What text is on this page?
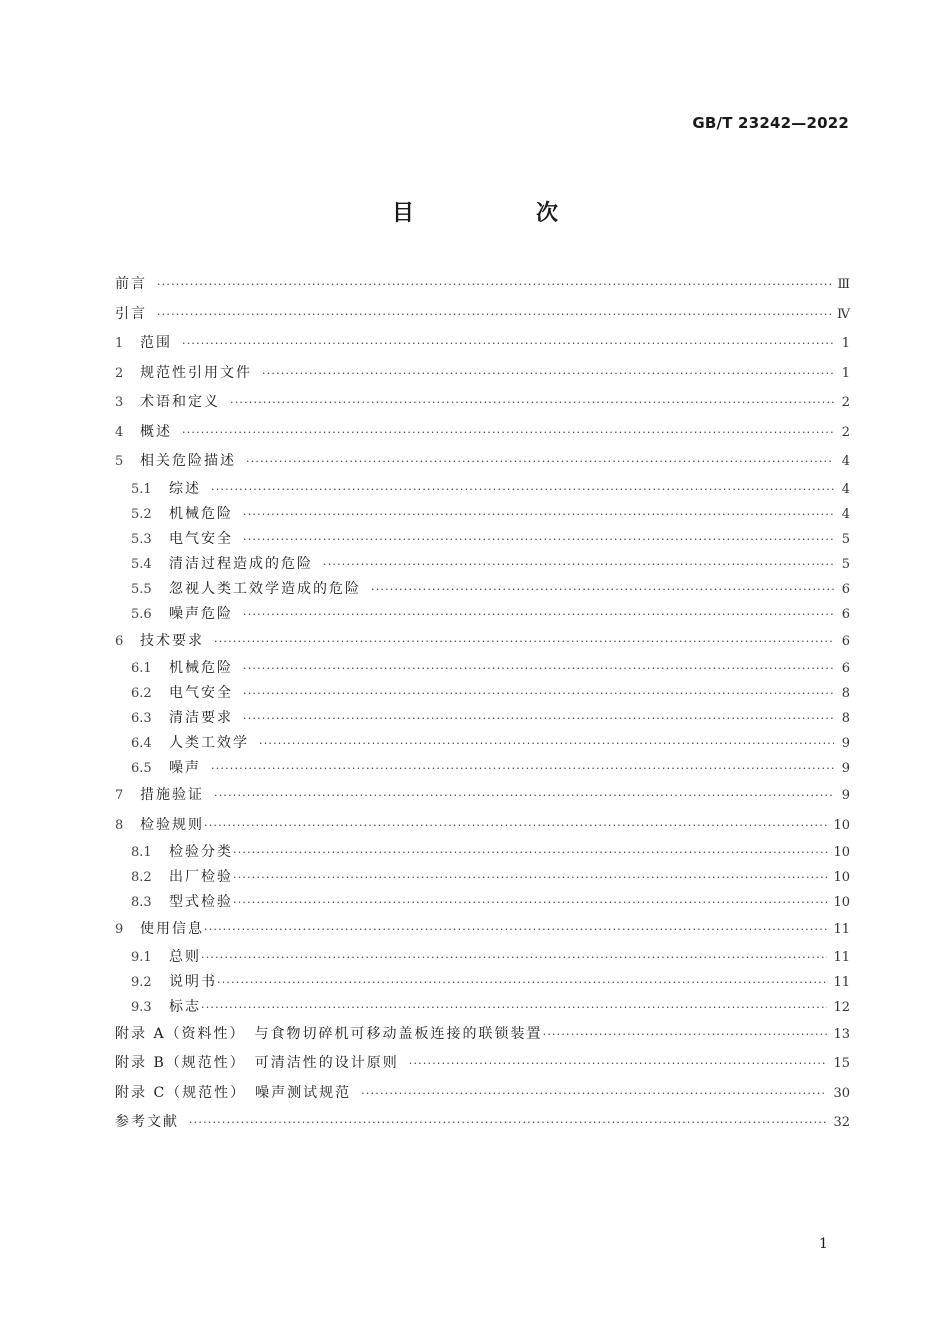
GB/T 23242—2022
目　次
前言 ·····	Ⅲ
引言 ·····	Ⅳ
1	范围 ·····	1
2	规范性引用文件 ·····	1
3	术语和定义 ·····	2
4	概述 ·····	2
5	相关危险描述 ·····	4
5.1	综述 ·····	4
5.2	机械危险 ·····	4
5.3	电气安全 ·····	5
5.4	清洁过程造成的危险 ·····	5
5.5	忽视人类工效学造成的危险 ·····	6
5.6	噪声危险 ·····	6
6	技术要求 ·····	6
6.1	机械危险 ·····	6
6.2	电气安全 ·····	8
6.3	清洁要求 ·····	8
6.4	人类工效学 ·····	9
6.5	噪声 ·····	9
7	措施验证 ·····	9
8	检验规则 ·····	10
8.1	检验分类 ·····	10
8.2	出厂检验 ·····	10
8.3	型式检验 ·····	10
9	使用信息 ·····	11
9.1	总则 ·····	11
9.2	说明书 ·····	11
9.3	标志 ·····	12
附录 A（资料性）　与食物切碎机可移动盖板连接的联锁装置 ·····	13
附录 B（规范性）　可清洁性的设计原则 ·····	15
附录 C（规范性）　噪声测试规范 ·····	30
参考文献 ·····	32
1
